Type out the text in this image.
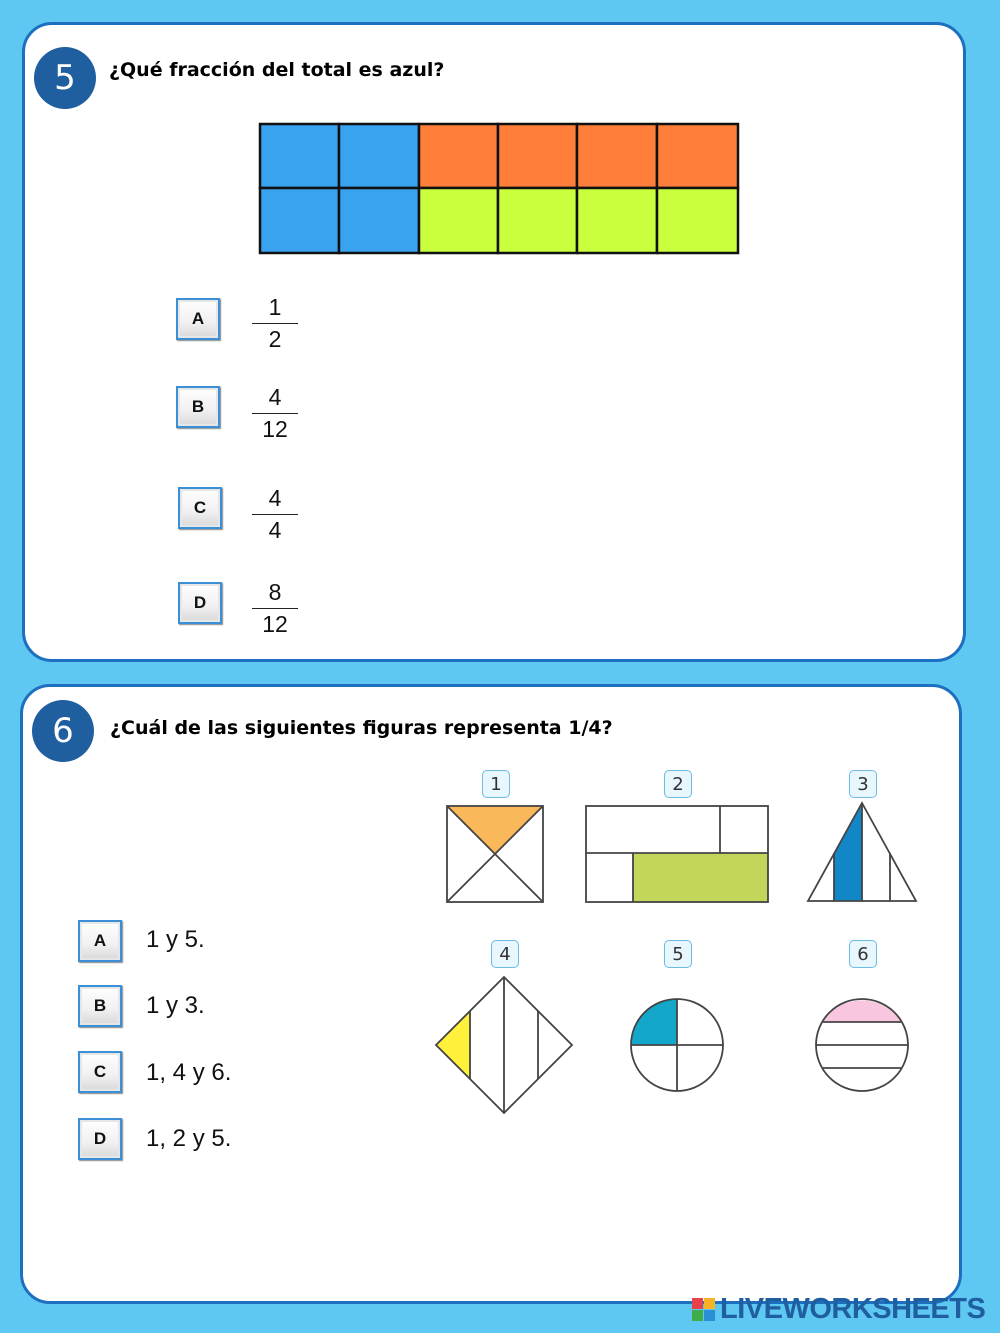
5	¿Qué fracción del total es azul?
A	1
2
B	4
12
C	4
4
D	8
12
6	¿Cuál de las siguientes figuras representa 1/4?
A	1 y 5.
B	1 y 3.
C	1, 4 y 6.
D	1, 2 y 5.
1	2	3
4	5	6
LIVEWORKSHEETS
